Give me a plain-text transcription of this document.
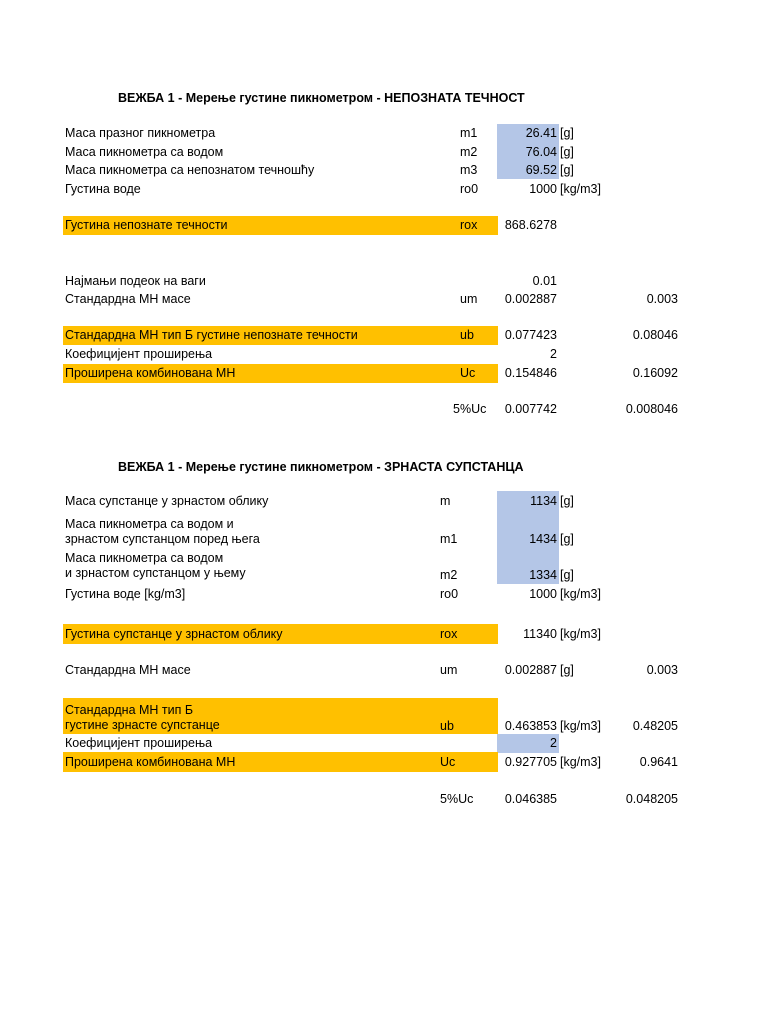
ВЕЖБА 1 - Мерење густине пикнометром - НЕПОЗНАТА ТЕЧНОСТ
Маса празног пикнометра	m1	26.41 [g]
Маса пикнометра са водом	m2	76.04 [g]
Маса пикнометра са непознатом течношћу	m3	69.52 [g]
Густина воде	ro0	1000 [kg/m3]
Густина непознате течности	rox	868.6278
Најмањи подеок на ваги	0.01
Стандардна МН масе	um	0.002887	0.003
Стандардна МН тип Б густине непознате течности	ub	0.077423	0.08046
Коефицијент проширења	2
Проширена комбинована МН	Uc	0.154846	0.16092
5%Uc	0.007742	0.008046
ВЕЖБА 1 - Мерење густине пикнометром - ЗРНАСТА СУПСТАНЦА
Маса супстанце у зрнастом облику	m	1134 [g]
Маса пикнометра са водом и
зрнастом супстанцом поред њега	m1	1434 [g]
Маса пикнометра са водом
и зрнастом супстанцом у њему	m2	1334 [g]
Густина воде [kg/m3]	ro0	1000 [kg/m3]
Густина супстанце у зрнастом облику	rox	11340 [kg/m3]
Стандардна МН масе	um	0.002887 [g]	0.003
Стандардна МН тип Б
густине зрнасте супстанце	ub	0.463853 [kg/m3]	0.48205
Коефицијент проширења	2
Проширена комбинована МН	Uc	0.927705 [kg/m3]	0.9641
5%Uc	0.046385	0.048205
